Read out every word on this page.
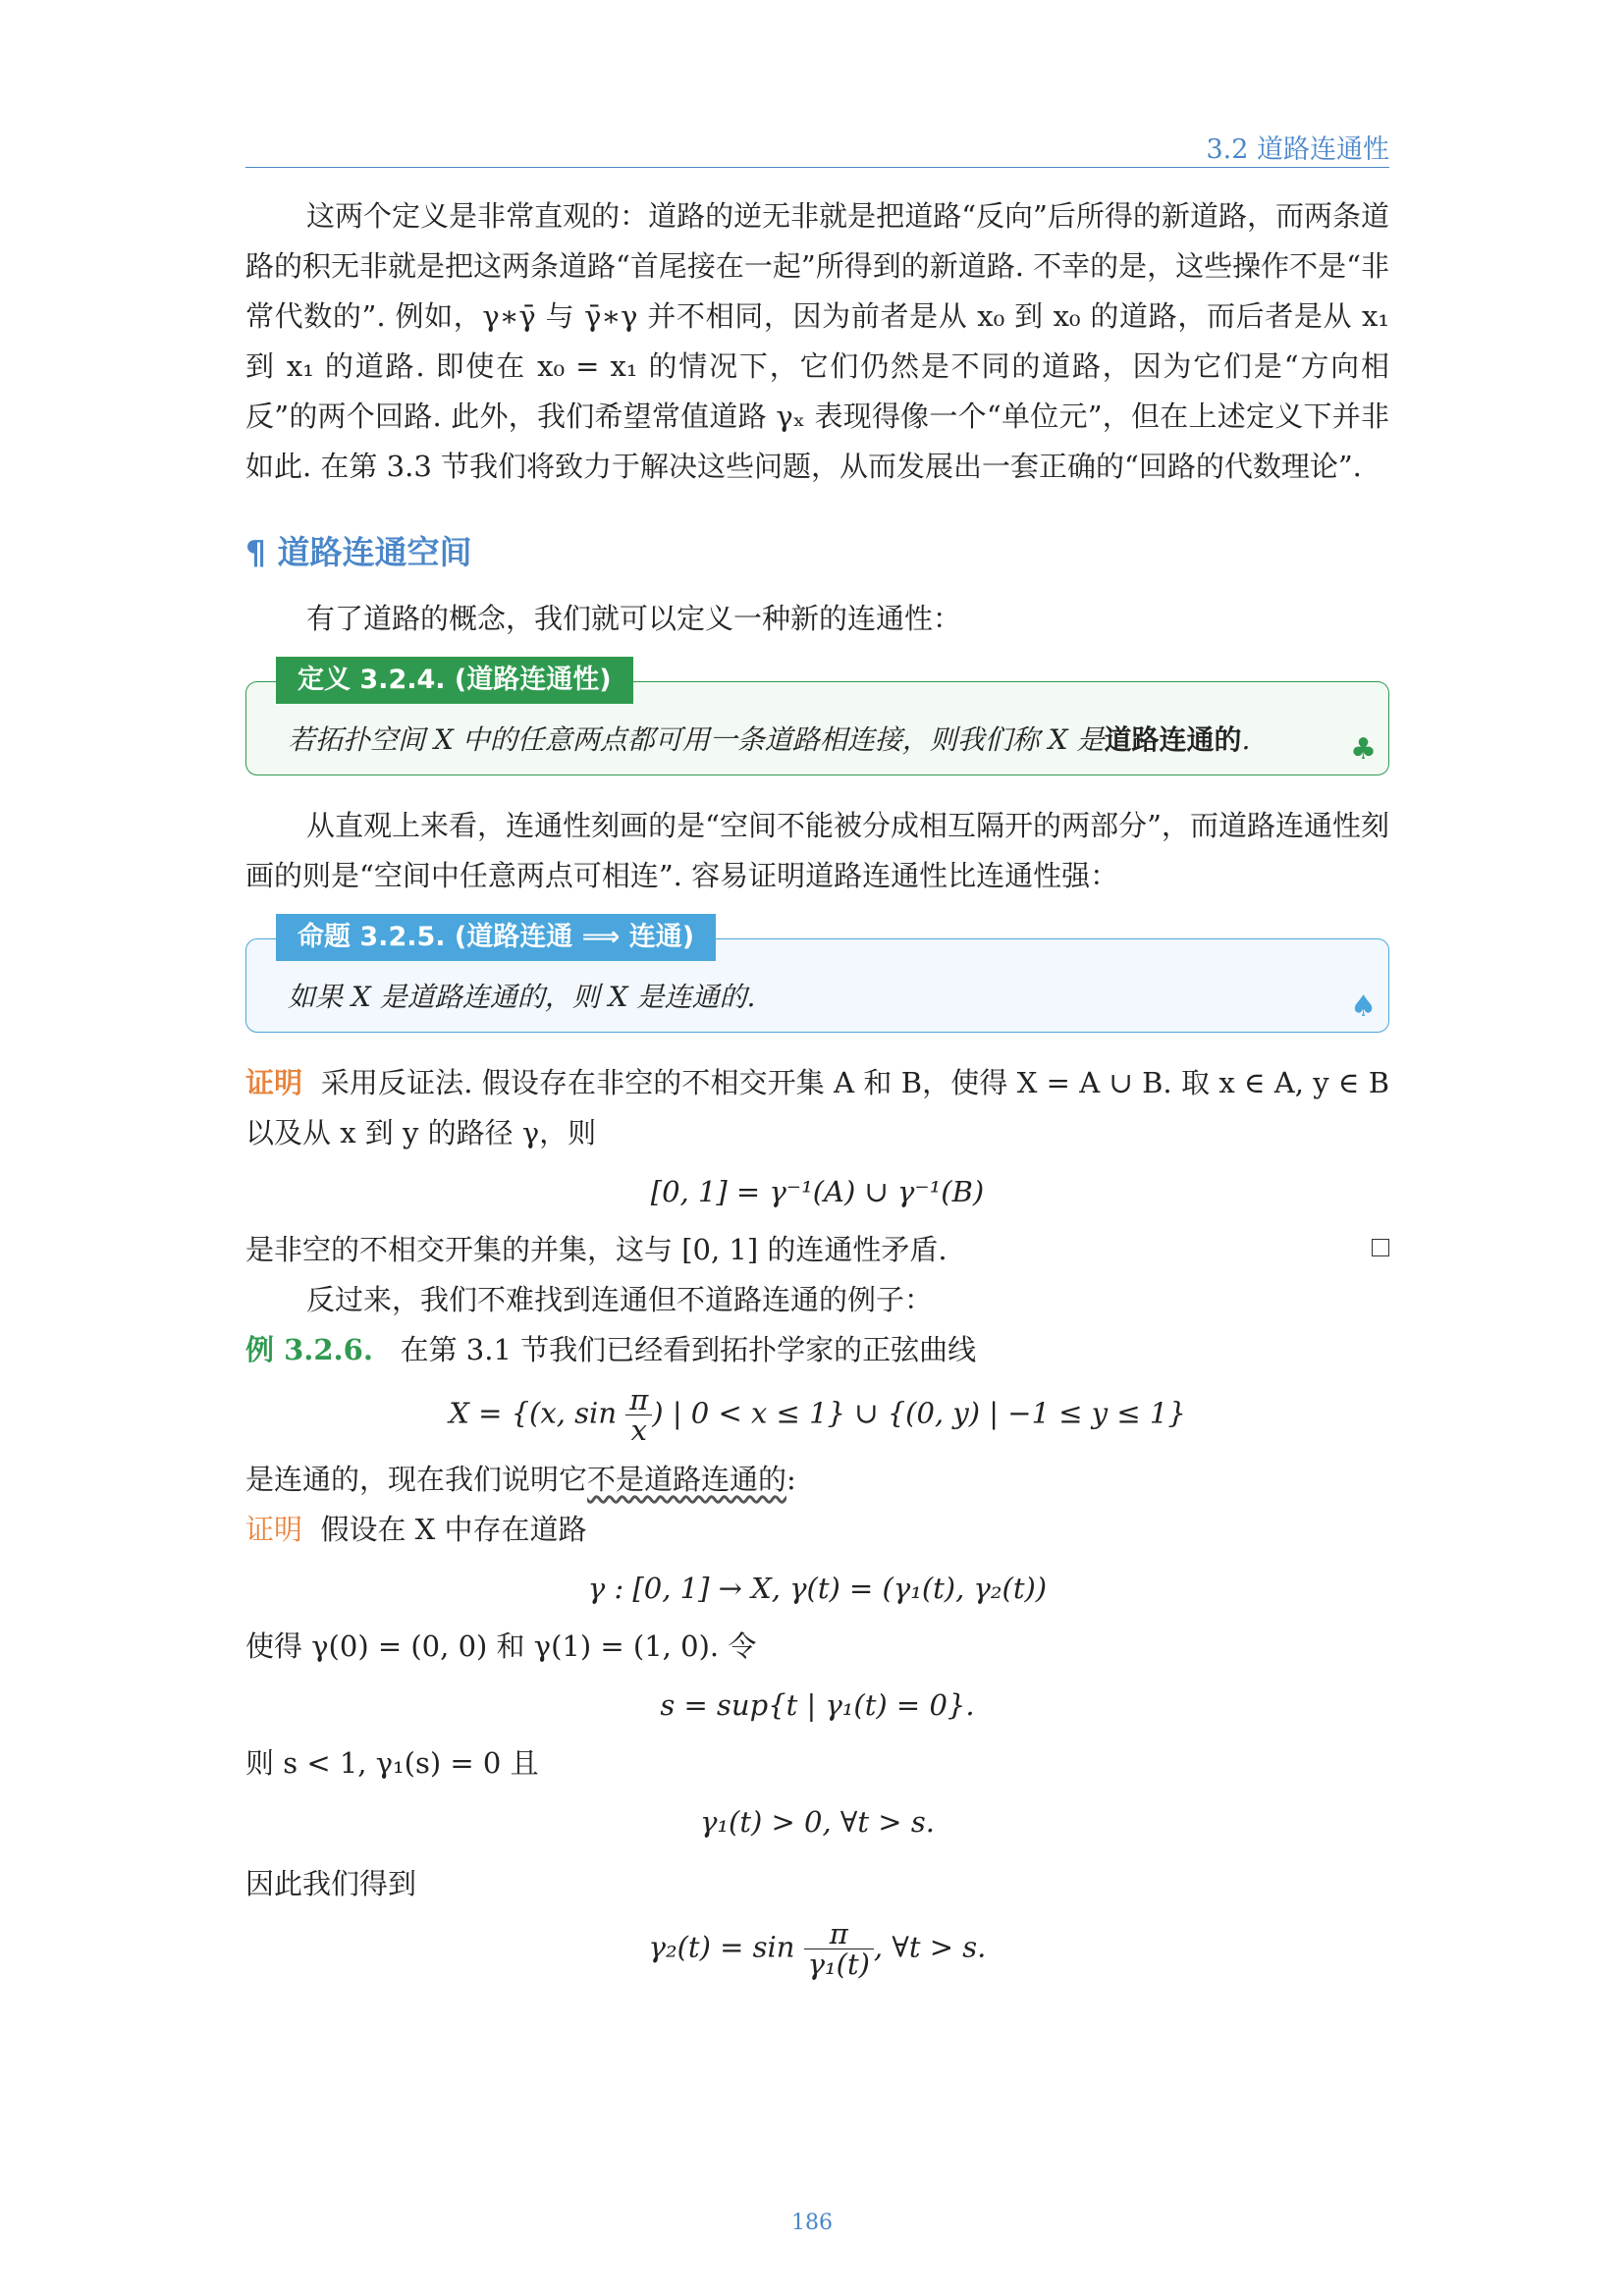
3.2 道路连通性

这两个定义是非常直观的：道路的逆无非就是把道路“反向”后所得的新道路，而两条道路的积无非就是把这两条道路“首尾接在一起”所得到的新道路. 不幸的是，这些操作不是“非常代数的”. 例如，γ∗γ̄ 与 γ̄∗γ 并不相同，因为前者是从 x₀ 到 x₀ 的道路，而后者是从 x₁ 到 x₁ 的道路. 即使在 x₀ = x₁ 的情况下，它们仍然是不同的道路，因为它们是“方向相反”的两个回路. 此外，我们希望常值道路 γₓ 表现得像一个“单位元”，但在上述定义下并非如此. 在第 3.3 节我们将致力于解决这些问题，从而发展出一套正确的“回路的代数理论”.

¶ 道路连通空间

有了道路的概念，我们就可以定义一种新的连通性：

定义 3.2.4. (道路连通性)
若拓扑空间 X 中的任意两点都可用一条道路相连接，则我们称 X 是道路连通的.	♣

从直观上来看，连通性刻画的是“空间不能被分成相互隔开的两部分”，而道路连通性刻画的则是“空间中任意两点可相连”. 容易证明道路连通性比连通性强：

命题 3.2.5. (道路连通 ⟹ 连通)
如果 X 是道路连通的，则 X 是连通的.	♠

证明 采用反证法. 假设存在非空的不相交开集 A 和 B，使得 X = A ∪ B. 取 x ∈ A, y ∈ B 以及从 x 到 y 的路径 γ，则

[0, 1] = γ⁻¹(A) ∪ γ⁻¹(B)

是非空的不相交开集的并集，这与 [0, 1] 的连通性矛盾.

反过来，我们不难找到连通但不道路连通的例子：

例 3.2.6. 在第 3.1 节我们已经看到拓扑学家的正弦曲线

X = {(x, $\sin \frac{\pi}{x}$ ) | 0 < x ≤ 1} ∪ {(0, y) | −1 ≤ y ≤ 1}

是连通的，现在我们说明它不是道路连通的:

证明 假设在 X 中存在道路

γ : [0, 1] → X, γ(t) = (γ₁(t), γ₂(t))

使得 γ(0) = (0, 0) 和 γ(1) = (1, 0). 令

s = sup{t | γ₁(t) = 0}.

则 s < 1, γ₁(s) = 0 且

γ₁(t) > 0, ∀t > s.

因此我们得到

$\gamma_2(t) = \sin \frac{\pi}{\text{γ₁(t)}}$ , ∀t > s.
186
